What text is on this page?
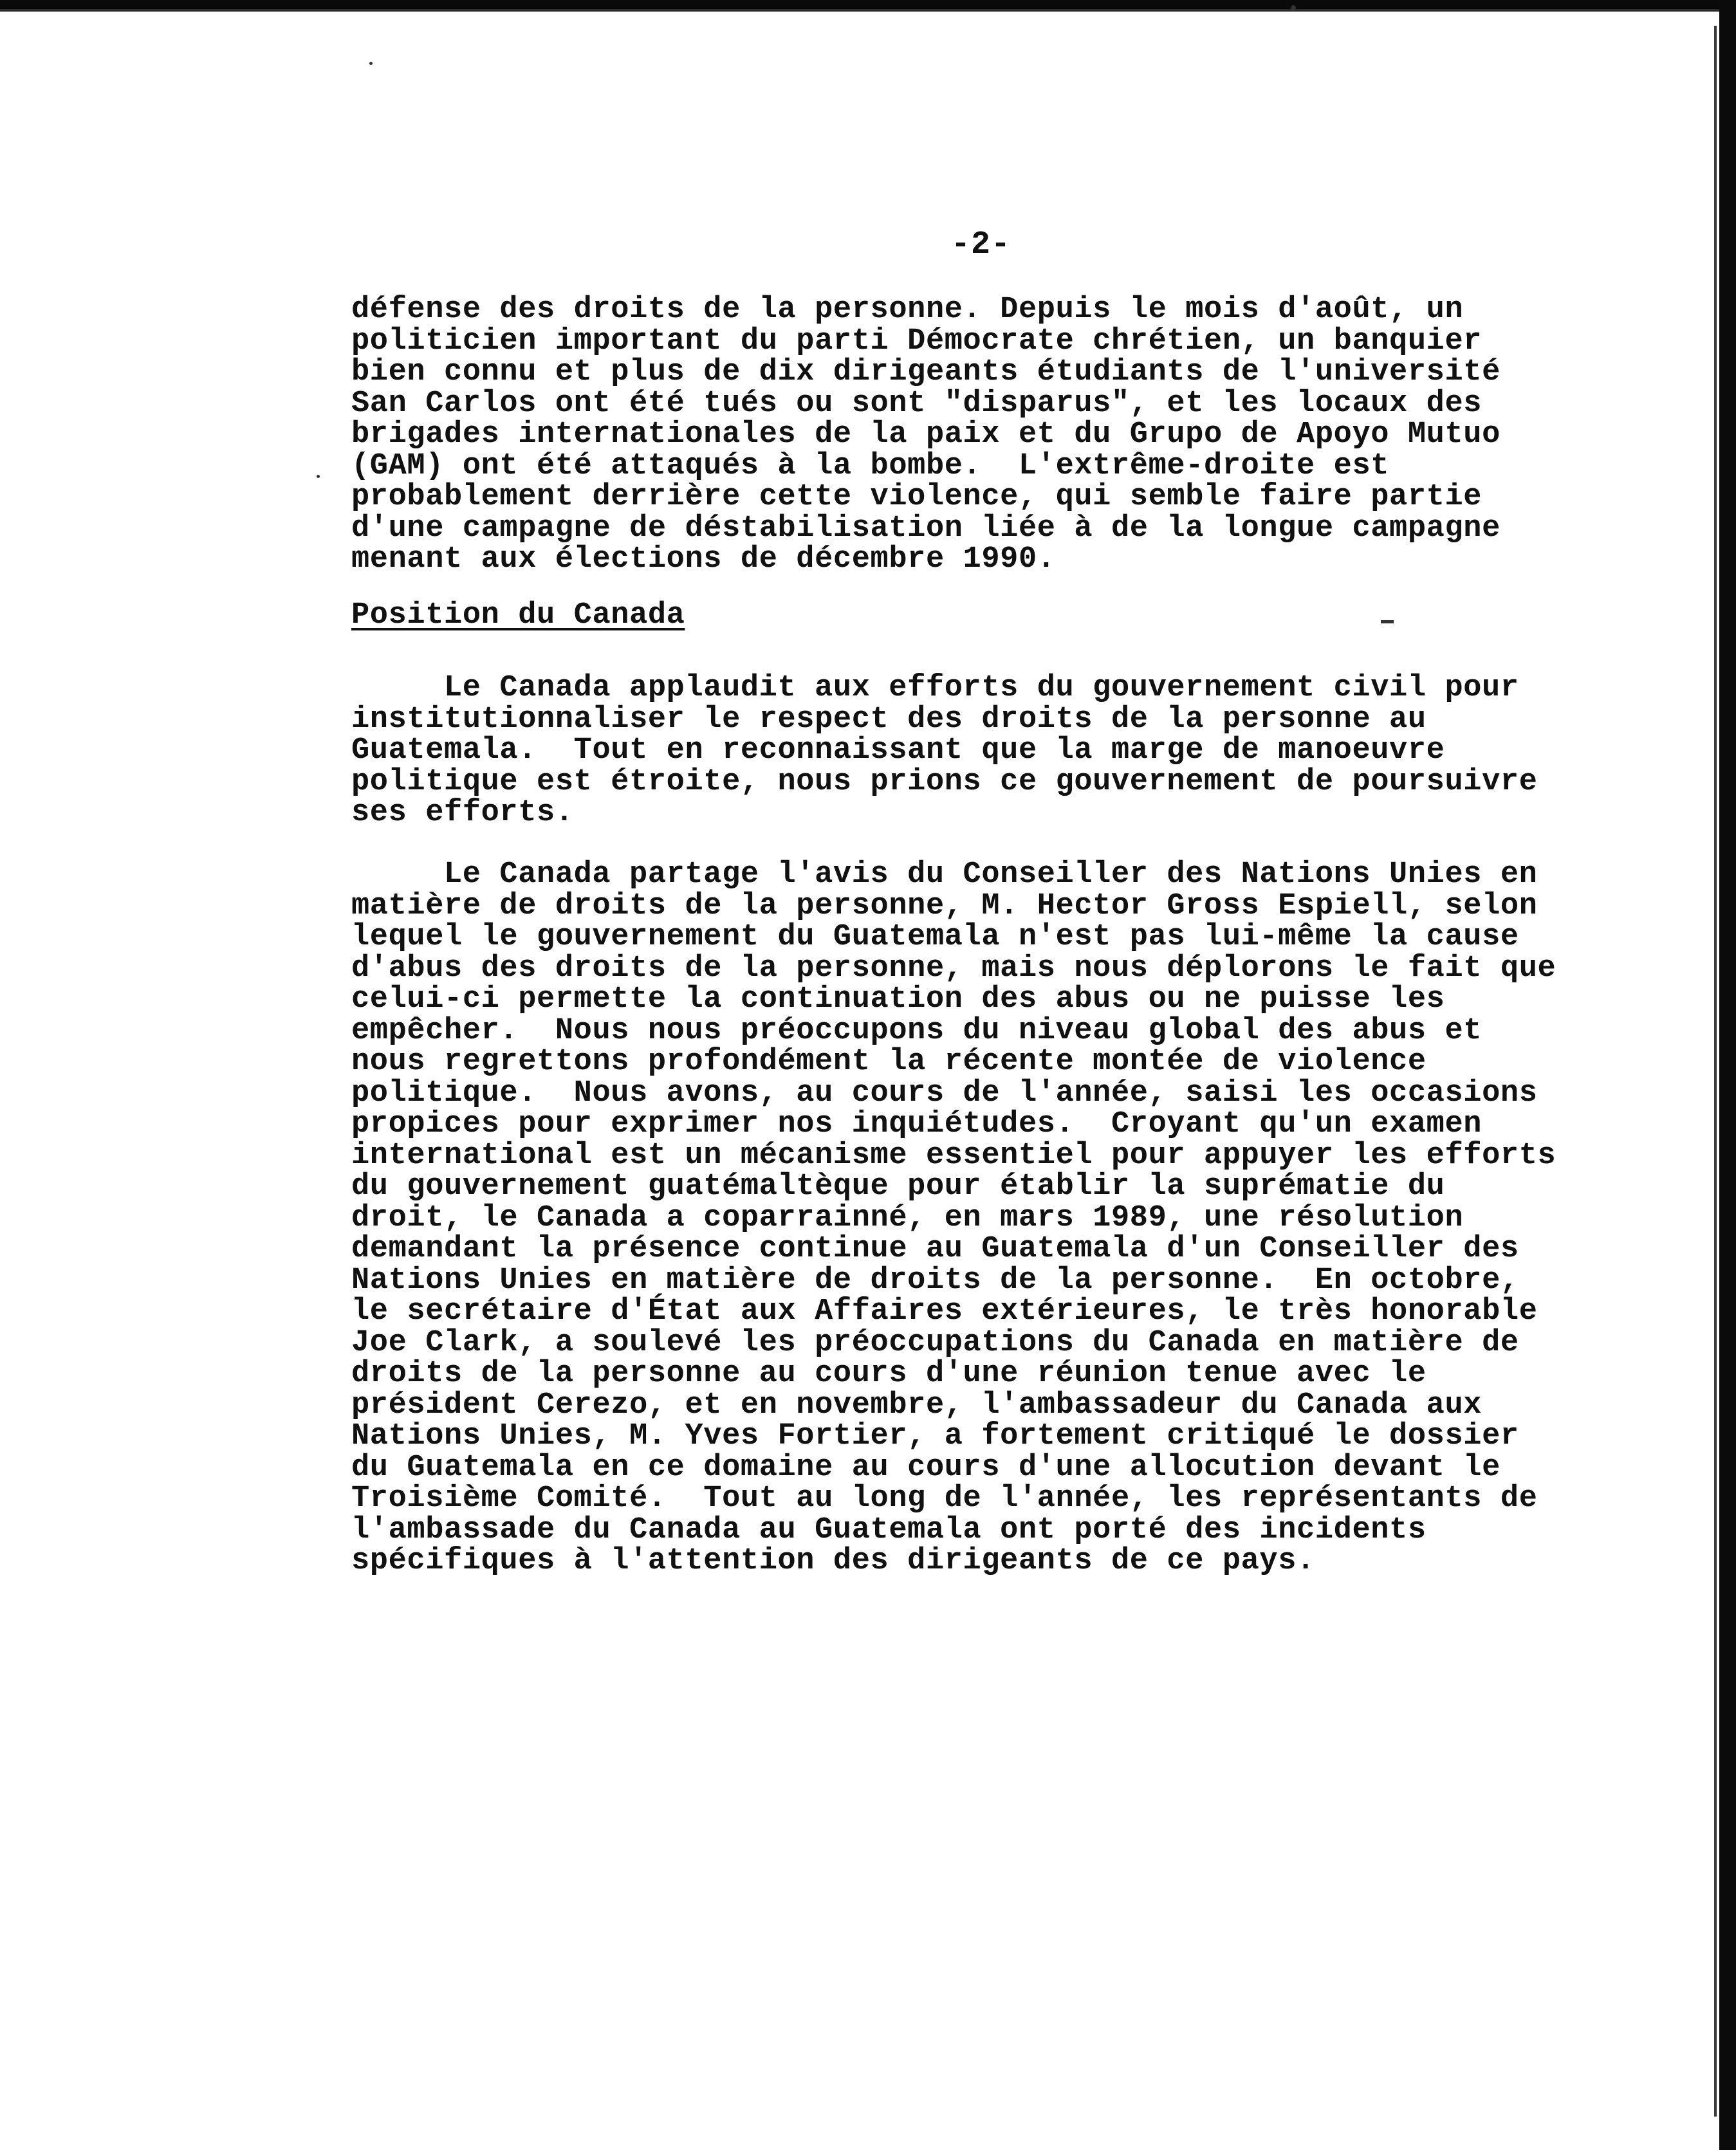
-2-
défense des droits de la personne. Depuis le mois d'août, un
politicien important du parti Démocrate chrétien, un banquier
bien connu et plus de dix dirigeants étudiants de l'université
San Carlos ont été tués ou sont "disparus", et les locaux des
brigades internationales de la paix et du Grupo de Apoyo Mutuo
(GAM) ont été attaqués à la bombe.  L'extrême-droite est
probablement derrière cette violence, qui semble faire partie
d'une campagne de déstabilisation liée à de la longue campagne
menant aux élections de décembre 1990.
Position du Canada
Le Canada applaudit aux efforts du gouvernement civil pour
institutionnaliser le respect des droits de la personne au
Guatemala.  Tout en reconnaissant que la marge de manoeuvre
politique est étroite, nous prions ce gouvernement de poursuivre
ses efforts.
Le Canada partage l'avis du Conseiller des Nations Unies en
matière de droits de la personne, M. Hector Gross Espiell, selon
lequel le gouvernement du Guatemala n'est pas lui-même la cause
d'abus des droits de la personne, mais nous déplorons le fait que
celui-ci permette la continuation des abus ou ne puisse les
empêcher.  Nous nous préoccupons du niveau global des abus et
nous regrettons profondément la récente montée de violence
politique.  Nous avons, au cours de l'année, saisi les occasions
propices pour exprimer nos inquiétudes.  Croyant qu'un examen
international est un mécanisme essentiel pour appuyer les efforts
du gouvernement guatémaltèque pour établir la suprématie du
droit, le Canada a coparrainné, en mars 1989, une résolution
demandant la présence continue au Guatemala d'un Conseiller des
Nations Unies en matière de droits de la personne.  En octobre,
le secrétaire d'État aux Affaires extérieures, le très honorable
Joe Clark, a soulevé les préoccupations du Canada en matière de
droits de la personne au cours d'une réunion tenue avec le
président Cerezo, et en novembre, l'ambassadeur du Canada aux
Nations Unies, M. Yves Fortier, a fortement critiqué le dossier
du Guatemala en ce domaine au cours d'une allocution devant le
Troisième Comité.  Tout au long de l'année, les représentants de
l'ambassade du Canada au Guatemala ont porté des incidents
spécifiques à l'attention des dirigeants de ce pays.
